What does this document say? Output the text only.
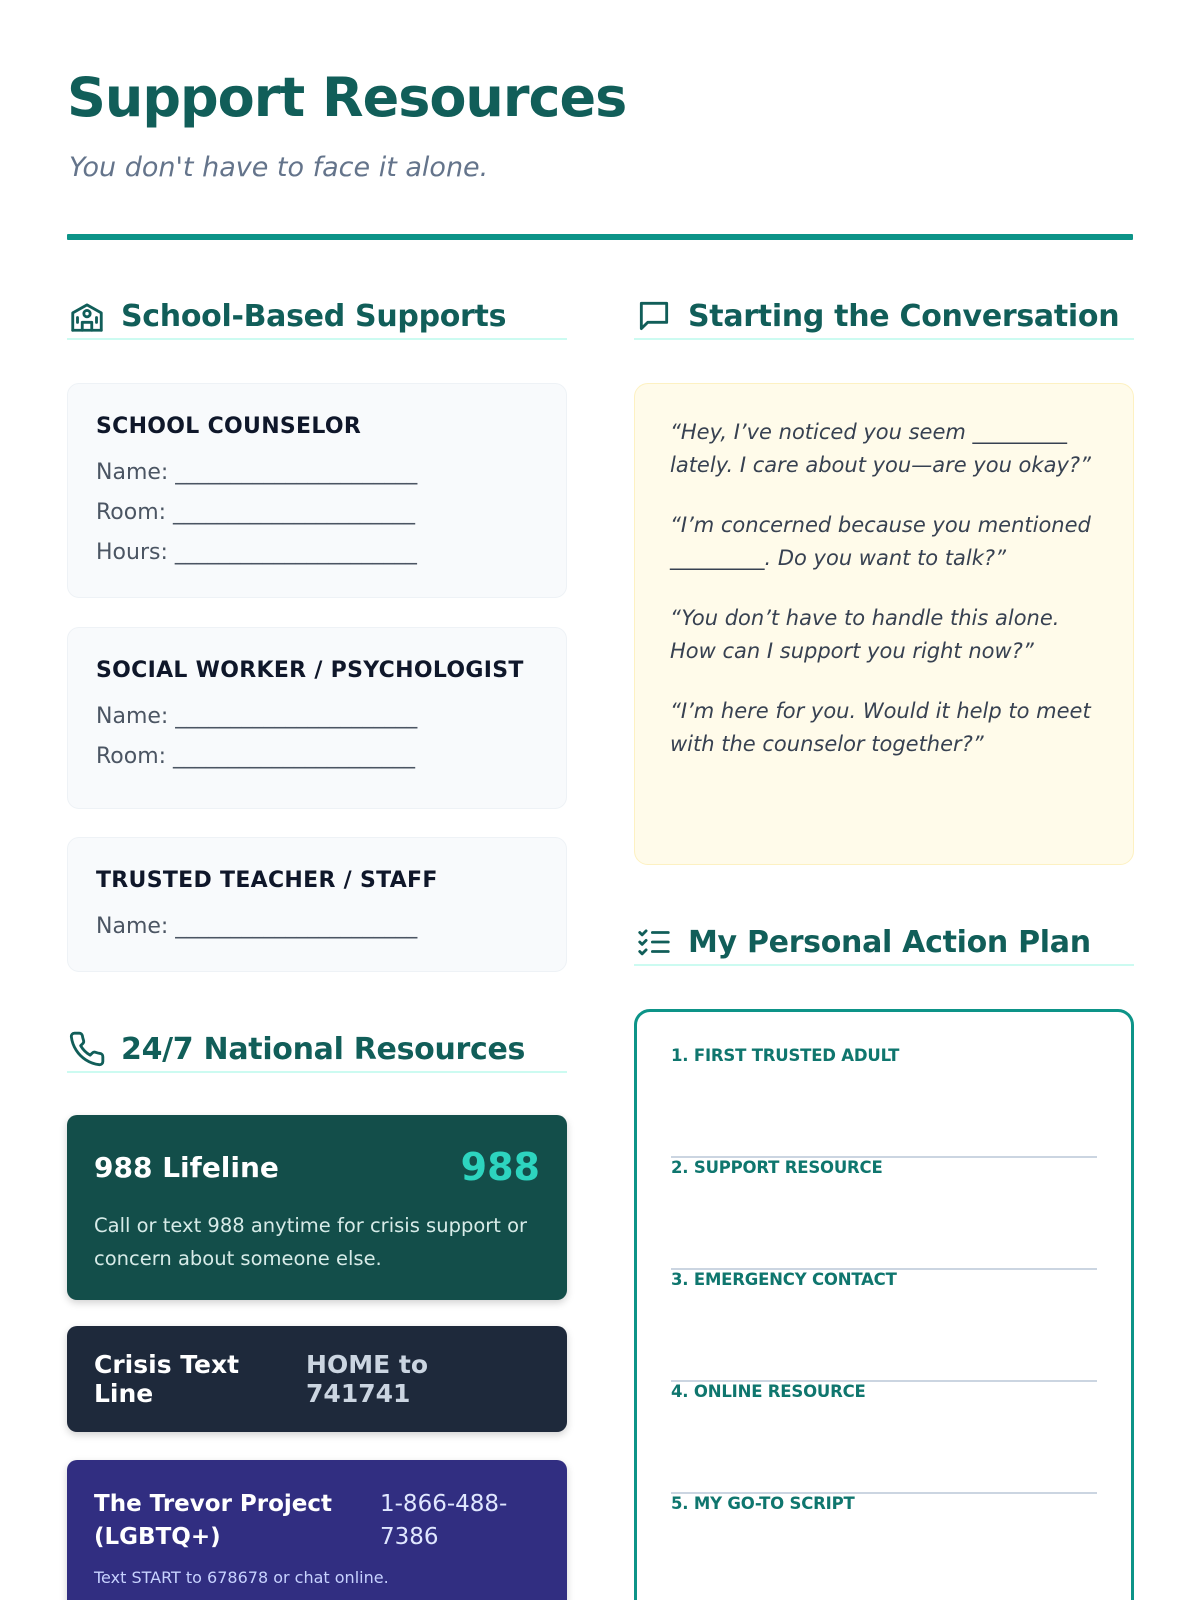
Support Resources
You don't have to face it alone.
School-Based Supports
SCHOOL COUNSELOR
Name: ______________________
Room: ______________________
Hours: ______________________
SOCIAL WORKER / PSYCHOLOGIST
Name: ______________________
Room: ______________________
TRUSTED TEACHER / STAFF
Name: ______________________
24/7 National Resources
988 Lifeline	988
Call or text 988 anytime for crisis support or concern about someone else.
Crisis Text Line
HOME to 741741
The Trevor Project (LGBTQ+)
1-866-488-7386
Text START to 678678 or chat online.
Starting the Conversation

“Hey, I’ve noticed you seem _________ lately. I care about you—are you okay?”

“I’m concerned because you mentioned _________. Do you want to talk?”

“You don’t have to handle this alone. How can I support you right now?”

“I’m here for you. Would it help to meet with the counselor together?”

My Personal Action Plan
1. FIRST TRUSTED ADULT
2. SUPPORT RESOURCE
3. EMERGENCY CONTACT
4. ONLINE RESOURCE
5. MY GO-TO SCRIPT
